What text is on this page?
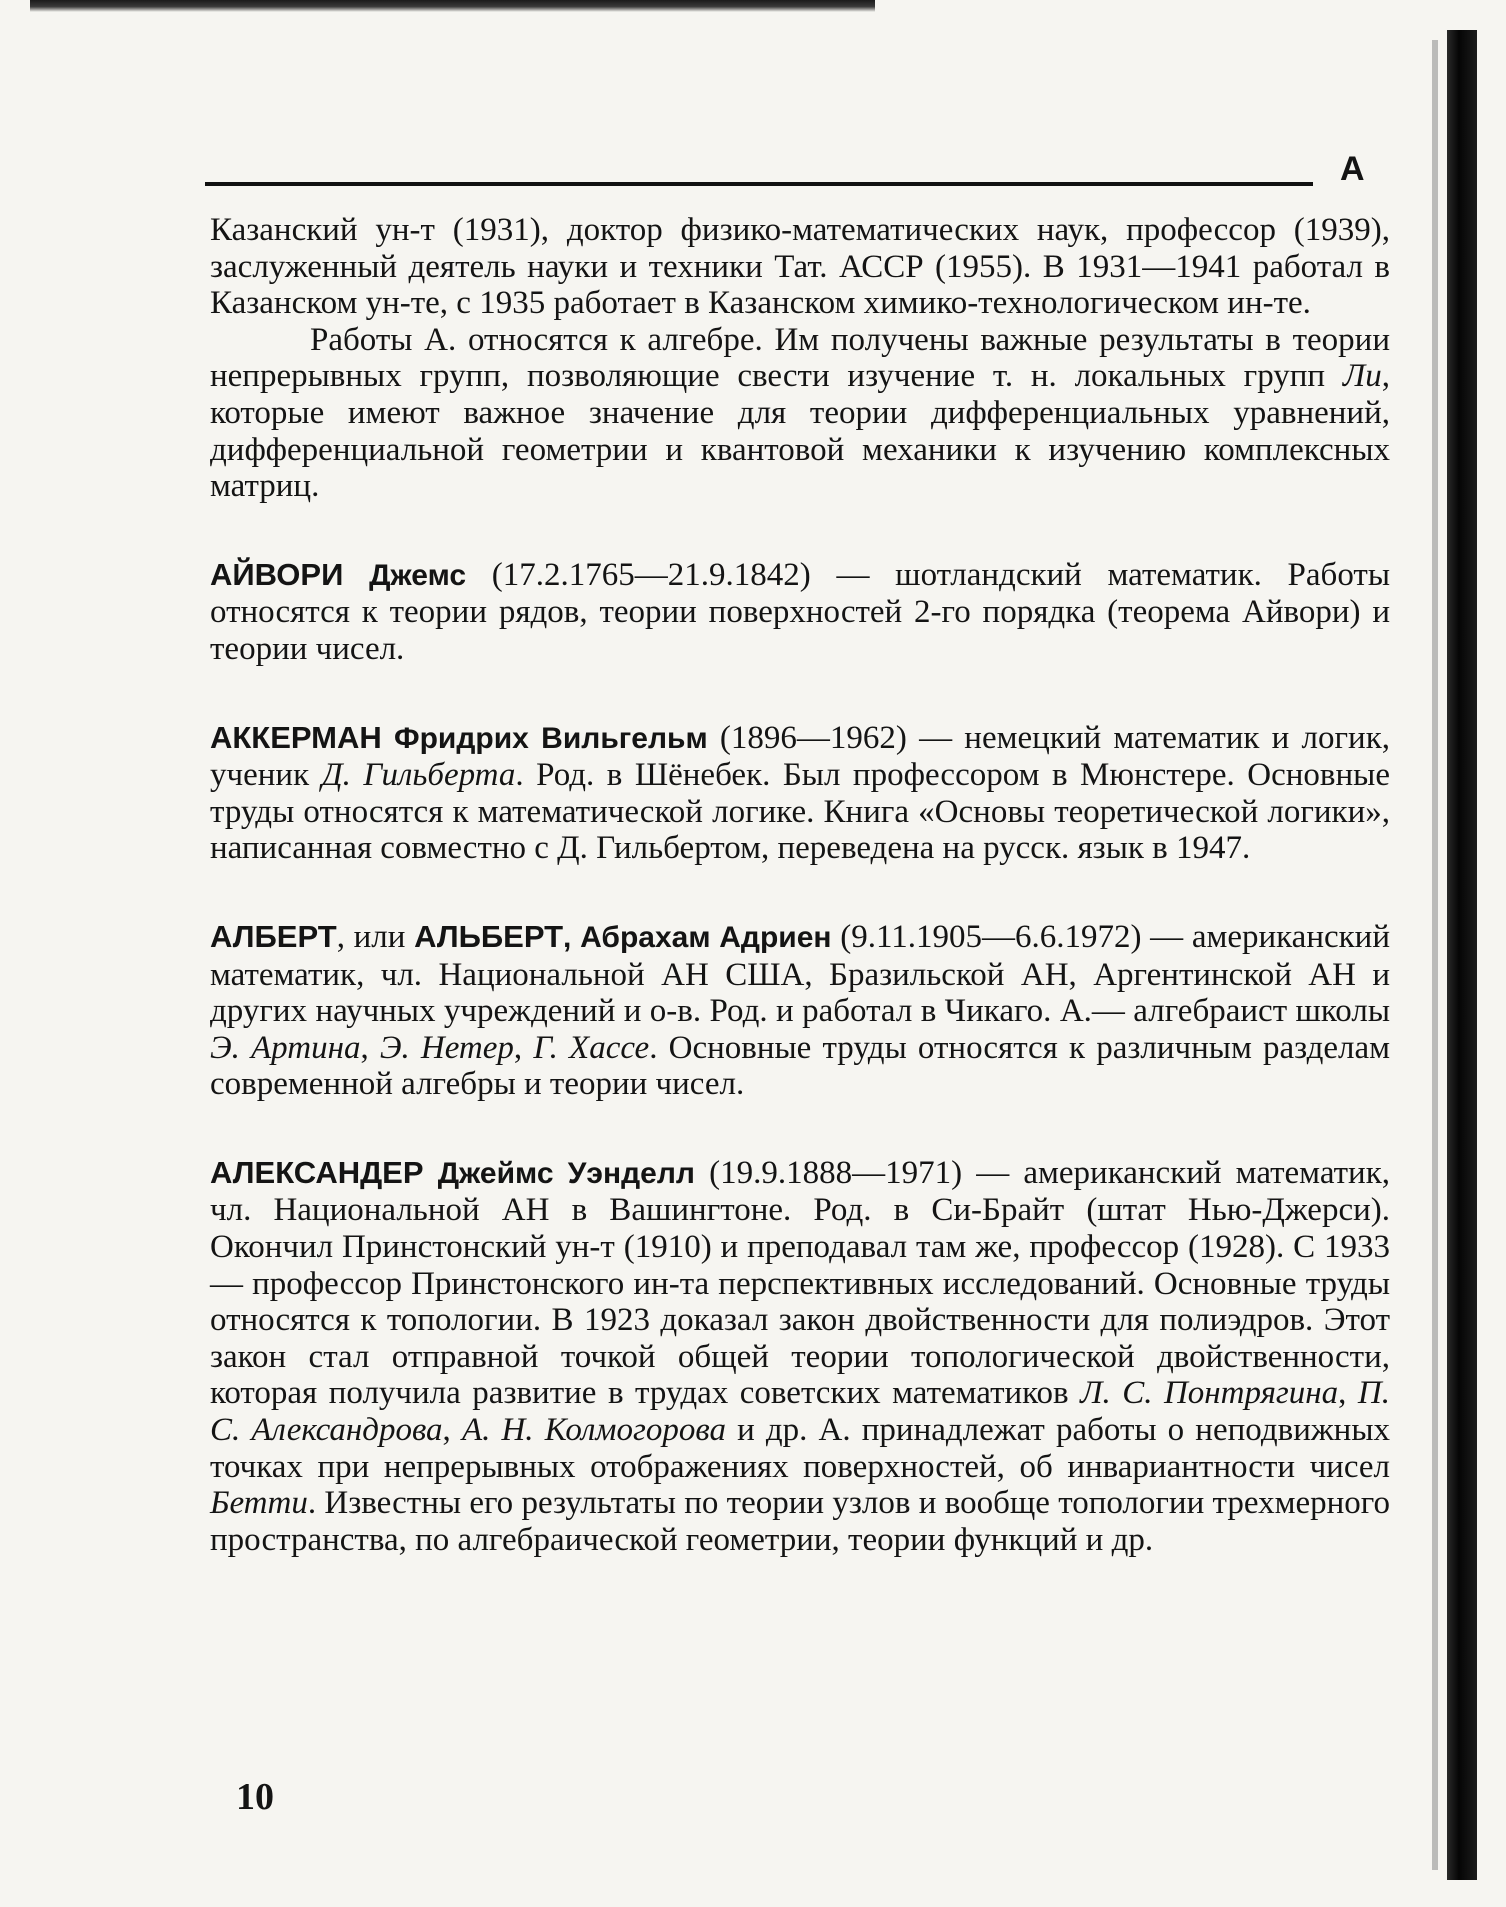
А

Казанский ун-т (1931), доктор физико-математических наук, профессор (1939), заслуженный деятель науки и техники Тат. АССР (1955). В 1931—1941 работал в Казанском ун-те, с 1935 работает в Казанском химико-технологическом ин-те.

Работы А. относятся к алгебре. Им получены важные результаты в теории непрерывных групп, позволяющие свести изучение т. н. локальных групп Ли, которые имеют важное значение для теории дифференциальных уравнений, дифференциальной геометрии и квантовой механики к изучению комплексных матриц.

АЙВОРИ Джемс (17.2.1765—21.9.1842) — шотландский математик. Работы относятся к теории рядов, теории поверхностей 2-го порядка (теорема Айвори) и теории чисел.

АККЕРМАН Фридрих Вильгельм (1896—1962) — немецкий математик и логик, ученик Д. Гильберта. Род. в Шёнебек. Был профессором в Мюнстере. Основные труды относятся к математической логике. Книга «Основы теоретической логики», написанная совместно с Д. Гильбертом, переведена на русск. язык в 1947.

АЛБЕРТ, или АЛЬБЕРТ, Абрахам Адриен (9.11.1905—6.6.1972) — американский математик, чл. Национальной АН США, Бразильской АН, Аргентинской АН и других научных учреждений и о-в. Род. и работал в Чикаго. А.— алгебраист школы Э. Артина, Э. Нетер, Г. Хассе. Основные труды относятся к различным разделам современной алгебры и теории чисел.

АЛЕКСАНДЕР Джеймс Уэнделл (19.9.1888—1971) — американский математик, чл. Национальной АН в Вашингтоне. Род. в Си-Брайт (штат Нью-Джерси). Окончил Принстонский ун-т (1910) и преподавал там же, профессор (1928). С 1933 — профессор Принстонского ин-та перспективных исследований. Основные труды относятся к топологии. В 1923 доказал закон двойственности для полиэдров. Этот закон стал отправной точкой общей теории топологической двойственности, которая получила развитие в трудах советских математиков Л. С. Понтрягина, П. С. Александрова, А. Н. Колмогорова и др. А. принадлежат работы о неподвижных точках при непрерывных отображениях поверхностей, об инвариантности чисел Бетти. Известны его результаты по теории узлов и вообще топологии трехмерного пространства, по алгебраической геометрии, теории функций и др.

10
